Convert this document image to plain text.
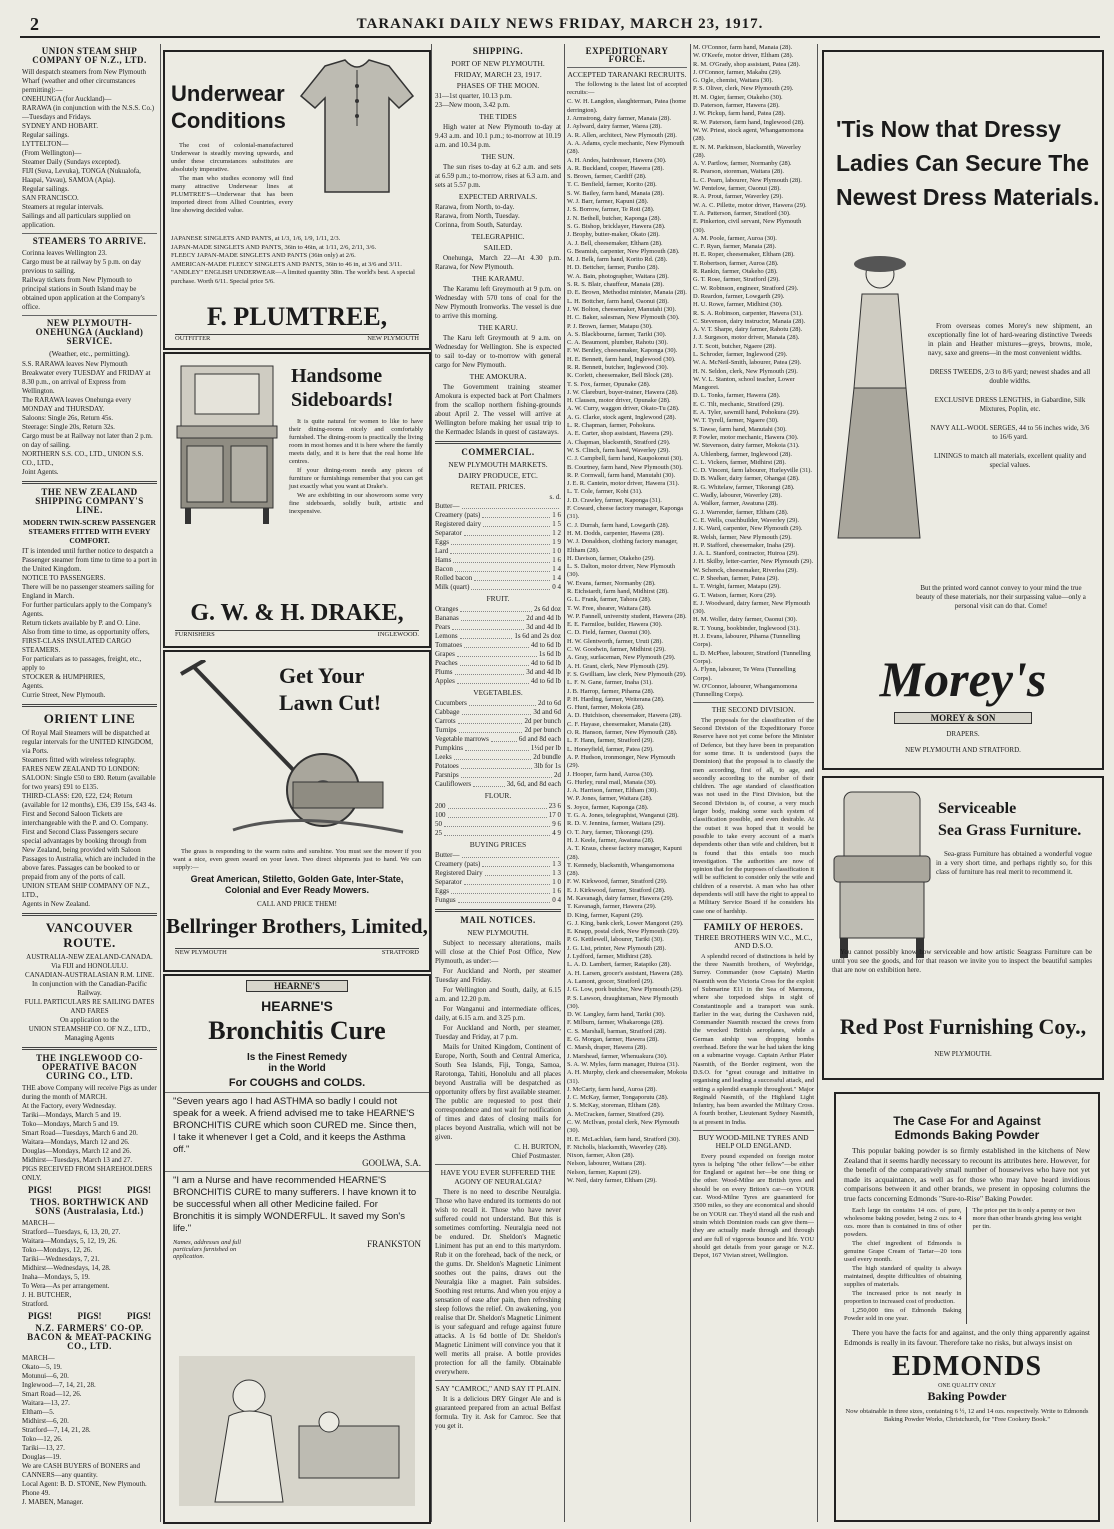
2	TARANAKI DAILY NEWS FRIDAY, MARCH 23, 1917.
UNION STEAM SHIP COMPANY OF N.Z., LTD.
Will despatch steamers from New Plymouth Wharf (weather and other circumstances permitting):—
ONEHUNGA (for Auckland)—
RARAWA (in conjunction with the N.S.S. Co.)—Tuesdays and Fridays.
SYDNEY AND HOBART.
Regular sailings.
LYTTELTON—
(From Wellington)—
Steamer Daily (Sundays excepted).
FIJI (Suva, Levuka), TONGA (Nukualofa, Haapai, Vavau), SAMOA (Apia).
Regular sailings.
SAN FRANCISCO.
Steamers at regular intervals.
Sailings and all particulars supplied on application.
STEAMERS TO ARRIVE.
Corinna leaves Wellington 23.
Cargo must be at railway by 5 p.m. on day previous to sailing.
Railway tickets from New Plymouth to principal stations in South Island may be obtained upon application at the Company's office.
NEW PLYMOUTH-ONEHUNGA (Auckland) SERVICE.
(Weather, etc., permitting).
S.S. RARAWA leaves New Plymouth Breakwater every TUESDAY and FRIDAY at 8.30 p.m., on arrival of Express from Wellington.
The RARAWA leaves Onehunga every MONDAY and THURSDAY.
Saloons: Single 26s, Return 45s.
Steerage: Single 20s, Return 32s.
Cargo must be at Railway not later than 2 p.m. on day of sailing.
NORTHERN S.S. CO., LTD., UNION S.S. CO., LTD.,
Joint Agents.
THE NEW ZEALAND SHIPPING COMPANY'S LINE.
MODERN TWIN-SCREW PASSENGER STEAMERS FITTED WITH EVERY COMFORT.
IT is intended until further notice to despatch a Passenger steamer from time to time to a port in the United Kingdom.
NOTICE TO PASSENGERS.
There will be no passenger steamers sailing for England in March.
For further particulars apply to the Company's Agents.
Return tickets available by P. and O. Line.
Also from time to time, as opportunity offers, FIRST-CLASS INSULATED CARGO STEAMERS.
For particulars as to passages, freight, etc., apply to
STOCKER & HUMPHRIES,
Agents.
Currie Street, New Plymouth.
ORIENT LINE
Of Royal Mail Steamers will be dispatched at regular intervals for the UNITED KINGDOM, via Ports.
Steamers fitted with wireless telegraphy.
FARES NEW ZEALAND TO LONDON:
SALOON: Single £50 to £80. Return (available for two years) £91 to £135.
THIRD-CLASS: £20, £22, £24; Return (available for 12 months), £36, £39 15s, £43 4s.
First and Second Saloon Tickets are interchangeable with the P. and O. Company.
First and Second Class Passengers secure special advantages by booking through from New Zealand, being provided with Saloon Passages to Australia, which are included in the above fares. Passages can be booked to or prepaid from any of the ports of call.
UNION STEAM SHIP COMPANY OF N.Z., LTD.,
Agents in New Zealand.
VANCOUVER ROUTE.
AUSTRALIA-NEW ZEALAND-CANADA.
Via FIJI and HONOLULU.
CANADIAN-AUSTRALASIAN R.M. LINE.
In conjunction with the Canadian-Pacific Railway.
FULL PARTICULARS RE SAILING DATES AND FARES
On application to the
UNION STEAMSHIP CO. OF N.Z., LTD.,
Managing Agents
THE INGLEWOOD CO-OPERATIVE BACON CURING CO., LTD.
THE above Company will receive Pigs as under during the month of MARCH.
At the Factory, every Wednesday.
Tariki—Mondays, March 5 and 19.
Toko—Mondays, March 5 and 19.
Smart Road—Tuesdays, March 6 and 20.
Waitara—Mondays, March 12 and 26.
Douglas—Mondays, March 12 and 26.
Midhirst—Tuesdays, March 13 and 27.
PIGS RECEIVED FROM SHAREHOLDERS ONLY.
PIGS!	PIGS!	PIGS!
THOS. BORTHWICK AND SONS (Australasia, Ltd.)
MARCH—
Stratford—Tuesdays, 6, 13, 20, 27.
Waitara—Mondays, 5, 12, 19, 26.
Toko—Mondays, 12, 26.
Tariki—Wednesdays, 7, 21.
Midhirst—Wednesdays, 14, 28.
Inaha—Mondays, 5, 19.
To Wera—As per arrangement.
J. H. BUTCHER,
Stratford.
PIGS!	PIGS!	PIGS!
N.Z. FARMERS' CO-OP. BACON & MEAT-PACKING CO., LTD.
MARCH—
Okato—5, 19.
Motunui—6, 20.
Inglewood—7, 14, 21, 28.
Smart Road—12, 26.
Waitara—13, 27.
Eltham—5.
Midhirst—6, 20.
Stratford—7, 14, 21, 28.
Toko—12, 26.
Tariki—13, 27.
Douglas—19.
We are CASH BUYERS of BONERS and CANNERS—any quantity.
Local Agent: B. D. STONE, New Plymouth. Phone 49.
J. MABEN, Manager.
Underwear
Conditions

The cost of colonial-manufactured Underwear is steadily moving upwards, and under these circumstances substitutes are absolutely imperative.

The man who studies economy will find many attractive Underwear lines at PLUMTREE'S—Underwear that has been imported direct from Allied Countries, every line showing decided value.

JAPANESE SINGLETS AND PANTS, at 1/3, 1/6, 1/9, 1/11, 2/3.
JAPAN-MADE SINGLETS AND PANTS, 36in to 46in, at 1/11, 2/6, 2/11, 3/6.
FLEECY JAPAN-MADE SINGLETS AND PANTS (36in only) at 2/6.
AMERICAN-MADE FLEECY SINGLETS AND PANTS, 36in to 46 in, at 3/6 and 3/11.
"ANDLEY" ENGLISH UNDERWEAR—A limited quantity 38in. The world's best. A special purchase. Worth 6/11. Special price 5/6.
F. PLUMTREE,
OUTFITTER	NEW PLYMOUTH
Handsome
Sideboards!

It is quite natural for women to like to have their dining-rooms nicely and comfortably furnished. The dining-room is practically the living room in most homes and it is here where the family meets daily, and it is here that the real home life centres.

If your dining-room needs any pieces of furniture or furnishings remember that you can get just exactly what you want at Drake's.

We are exhibiting in our showroom some very fine sideboards, solidly built, artistic and inexpensive.

G. W. & H. DRAKE,
FURNISHERS	INGLEWOOD.
Get Your
Lawn Cut!
The grass is responding to the warm rains and sunshine. You must see the mower if you want a nice, even green sward on your lawn. Two direct shipments just to hand. We can supply:—
Great American, Stiletto, Golden Gate, Inter-State, Colonial and Ever Ready Mowers.
CALL AND PRICE THEM!
Bellringer Brothers, Limited,
NEW PLYMOUTH	STRATFORD
HEARNE'S
HEARNE'S
Bronchitis Cure
Is the Finest Remedy
in the World
For COUGHS and COLDS.
"Seven years ago I had ASTHMA so badly I could not speak for a week. A friend advised me to take HEARNE'S BRONCHITIS CURE which soon CURED me. Since then, I take it whenever I get a Cold, and it keeps the Asthma off."
GOOLWA, S.A.
"I am a Nurse and have recommended HEARNE'S BRONCHITIS CURE to many sufferers. I have known it to be successful when all other Medicine failed. For Bronchitis it is simply WONDERFUL. It saved my Son's life."
Names, addresses and full particulars furnished on application.
FRANKSTON
SHIPPING.
PORT OF NEW PLYMOUTH.
FRIDAY, MARCH 23, 1917.
PHASES OF THE MOON.
31—1st quarter, 10.13 p.m.
23—New moon, 3.42 p.m.
THE TIDES

High water at New Plymouth to-day at 9.43 a.m. and 10.1 p.m.; to-morrow at 10.19 a.m. and 10.34 p.m.

THE SUN.

The sun rises to-day at 6.2 a.m. and sets at 6.59 p.m.; to-morrow, rises at 6.3 a.m. and sets at 5.57 p.m.

EXPECTED ARRIVALS.
Rarawa, from North, to-day.
Rarawa, from North, Tuesday.
Corinna, from South, Saturday.
TELEGRAPHIC.
SAILED.

Onehunga, March 22—At 4.30 p.m. Rarawa, for New Plymouth.

THE KARAMU.

The Karamu left Greymouth at 9 p.m. on Wednesday with 570 tons of coal for the New Plymouth Ironworks. The vessel is due to arrive this morning.

THE KARU.

The Karu left Greymouth at 9 a.m. on Wednesday for Wellington. She is expected to sail to-day or to-morrow with general cargo for New Plymouth.

THE AMOKURA.

The Government training steamer Amokura is expected back at Port Chalmers from the scallop northern fishing-grounds about April 2. The vessel will arrive at Wellington before making her usual trip to the Kermadec Islands in quest of castaways.

COMMERCIAL.
NEW PLYMOUTH MARKETS.
DAIRY PRODUCE, ETC.
RETAIL PRICES.
s. d.
Butter—
Creamery (pats)	1 6
Registered dairy	1 5
Separator	1 2
Eggs	1 9
Lard	1 0
Hams	1 6
Bacon	1 4
Rolled bacon	1 4
Milk (quart)	0 4
FRUIT.
Oranges	2s 6d doz
Bananas	2d and 4d lb
Pears	3d and 4d lb
Lemons	1s 6d and 2s doz
Tomatoes	4d to 6d lb
Grapes	1s 6d lb
Peaches	4d to 6d lb
Plums	3d and 4d lb
Apples	4d to 6d lb
VEGETABLES.
Cucumbers	2d to 6d
Cabbage	3d and 6d
Carrots	2d per bunch
Turnips	2d per bunch
Vegetable marrows	6d and 8d each
Pumpkins	1½d per lb
Leeks	2d bundle
Potatoes	3lb for 1s
Parsnips	2d
Cauliflowers	3d, 6d, and 8d each
FLOUR.
200	23 6
100	17 0
50	9 6
25	4 9
BUYING PRICES
Butter—
Creamery (pats)	1 3
Registered Dairy	1 3
Separator	1 0
Eggs	1 6
Fungus	0 4
MAIL NOTICES.
NEW PLYMOUTH.

Subject to necessary alterations, mails will close at the Chief Post Office, New Plymouth, as under:—

For Auckland and North, per steamer Tuesday and Friday.

For Wellington and South, daily, at 6.15 a.m. and 12.20 p.m.

For Wanganui and intermediate offices, daily, at 6.15 a.m. and 3.25 p.m.

For Auckland and North, per steamer, Tuesday and Friday, at 7 p.m.

Mails for United Kingdom, Continent of Europe, North, South and Central America, South Sea Islands, Fiji, Tonga, Samoa, Rarotonga, Tahiti, Honolulu and all places beyond Australia will be despatched as opportunity offers by first available steamer. The public are requested to post their correspondence and not wait for notification of times and dates of closing mails for places beyond Australia, which will not be given.

C. H. BURTON,
Chief Postmaster.
HAVE YOU EVER SUFFERED THE AGONY OF NEURALGIA?

There is no need to describe Neuralgia. Those who have endured its torments do not wish to recall it. Those who have never suffered could not understand. But this is sometimes comforting. Neuralgia need not be endured. Dr. Sheldon's Magnetic Liniment has put an end to this martyrdom. Rub it on the forehead, back of the neck, or the gums. Dr. Sheldon's Magnetic Liniment soothes out the pains, draws out the Neuralgia like a magnet. Pain subsides. Soothing rest returns. And when you enjoy a sensation of ease after pain, then refreshing sleep follows the relief. On awakening, you realise that Dr. Sheldon's Magnetic Liniment is your safeguard and refuge against future attacks. A 1s 6d bottle of Dr. Sheldon's Magnetic Liniment will convince you that it well merits all praise. A bottle provides protection for all the family. Obtainable everywhere.

SAY "CAMROC," AND SAY IT PLAIN.

It is a delicious DRY Ginger Ale and is guaranteed prepared from an actual Belfast formula. Try it. Ask for Camroc. See that you get it.

EXPEDITIONARY FORCE.
ACCEPTED TARANAKI RECRUITS.

The following is the latest list of accepted recruits:—

C. W. H. Langdon, slaughterman, Patea (home derrington).
J. Armstrong, dairy farmer, Manaia (28).
J. Aylward, dairy farmer, Warea (28).
A. R. Allen, architect, New Plymouth (28).
A. A. Adams, cycle mechanic, New Plymouth (28).
A. H. Andes, hairdresser, Hawera (30).
A. R. Buckland, cooper, Hawera (28).
S. Brown, farmer, Cardiff (28).
T. C. Benfield, farmer, Korito (28).
S. W. Bailey, farm hand, Manaia (28).
W. J. Barr, farmer, Kapuni (28).
J. S. Borrow, farmer, Te Roti (28).
J. N. Bethell, butcher, Kaponga (28).
S. G. Bishop, bricklayer, Hawera (28).
J. Brophy, butter-maker, Okato (28).
A. J. Bell, cheesemaker, Eltham (28).
G. Beamish, carpenter, New Plymouth (28).
M. J. Belk, farm hand, Korito Rd. (28).
H. D. Bettcher, farmer, Puniho (28).
W. A. Bain, photographer, Waitara (28).
S. R. S. Blair, chauffeur, Manaia (28).
D. E. Brown, Methodist minister, Manaia (28).
L. H. Bottcher, farm hand, Oaonui (28).
J. W. Bolton, cheesemaker, Manutahi (30).
H. C. Baker, salesman, New Plymouth (30).
P. J. Brown, farmer, Matapu (30).
A. S. Blackbourne, farmer, Tariki (30).
C. A. Beaumont, plumber, Rahotu (30).
F. W. Bentley, cheesemaker, Kaponga (30).
H. E. Bennett, farm hand, Inglewood (30).
R. R. Bennett, butcher, Inglewood (30).
K. Corlett, cheesemaker, Bell Block (28).
T. S. Fox, farmer, Opunake (28).
J. W. Clareburt, buyer-trainer, Hawera (28).
H. Clausen, motor driver, Opunake (28).
A. W. Curry, waggon driver, Okato-Tu (28).
A. G. Clarke, stock agent, Inglewood (28).
L. R. Chapman, farmer, Pohokura.
A. E. Carter, shop assistant, Hawera (29).
A. Chapman, blacksmith, Stratford (29).
W. S. Clinch, farm hand, Waverley (29).
C. J. Campbell, farm hand, Kaupokonui (30).
B. Courtney, farm hand, New Plymouth (30).
R. P. Cornwall, farm hand, Manutahi (30).
J. E. R. Cantein, motor driver, Hawera (31).
L. T. Cole, farmer, Kohi (31).
J. D. Crawley, farmer, Kaponga (31).
F. Coward, cheese factory manager, Kaponga (31).
C. J. Durrah, farm hand, Lowgarth (28).
H. M. Dodds, carpenter, Hawera (28).
W. J. Donaldson, clothing factory manager, Eltham (28).
H. Davison, farmer, Otakeho (29).
L. S. Dalton, motor driver, New Plymouth (30).
W. Evans, farmer, Normanby (28).
R. Eichstardt, farm hand, Midhirst (28).
G. L. Frank, farmer, Tahora (28).
T. W. Free, shearer, Waitara (28).
W. P. Fannell, university student, Hawera (28).
E. E. Farmiloe, builder, Hawera (30).
C. D. Field, farmer, Oaonui (30).
H. W. Glentworth, farmer, Uruti (28).
C. W. Goodwin, farmer, Midhirst (29).
A. Gray, surfaceman, New Plymouth (29).
A. H. Grant, clerk, New Plymouth (29).
F. S. Gwilliam, law clerk, New Plymouth (29).
L. F. N. Gane, farmer, Inaha (31).
J. B. Harrop, farmer, Pihama (28).
P. H. Harding, farmer, Weiterana (28).
G. Hunt, farmer, Mokoia (28).
A. D. Hutchison, cheesemaker, Hawera (28).
C. F. Hayase, cheesemaker, Manaia (28).
O. R. Hanson, farmer, New Plymouth (28).
L. F. Hann, farmer, Stratford (29).
L. Honeyfield, farmer, Patea (29).
A. P. Hudson, ironmonger, New Plymouth (29).
J. Hooper, farm hand, Auroa (30).
G. Hurley, rural mail, Manaia (30).
J. A. Harrison, farmer, Eltham (30).
W. P. Jones, farmer, Waitara (28).
S. Joyce, farmer, Kaponga (28).
T. G. A. Jones, telegraphist, Wanganui (28).
R. D. V. Jennins, farmer, Waitara (29).
O. T. Jury, farmer, Tikorangi (29).
H. J. Keele, farmer, Awatuna (28).
A. T. Kraus, cheese factory manager, Kapuni (28).
T. Kennedy, blacksmith, Whangamomona (28).
F. W. Kirkwood, farmer, Stratford (29).
E. J. Kirkwood, farmer, Stratford (28).
M. Kavanagh, dairy farmer, Hawera (29).
T. Kavanagh, farmer, Hawera (29).
D. King, farmer, Kapuni (29).
G. J. King, bank clerk, Lower Mangorei (29).
E. Knapp, postal clerk, New Plymouth (29).
P. G. Kettlewell, labourer, Tariki (30).
J. G. List, printer, New Plymouth (28).
J. Lydford, farmer, Midhirst (28).
L. A. D. Lambert, farmer, Ratapiko (28).
A. H. Larsen, grocer's assistant, Hawera (28).
A. Lamont, grocer, Stratford (29).
J. G. Low, pork butcher, New Plymouth (29).
P. S. Lawson, draughtsman, New Plymouth (30).
D. W. Langley, farm hand, Tariki (30).
F. Milburn, farmer, Whakaronga (28).
C. S. Marshall, barman, Stratford (28).
E. G. Morgan, farmer, Hawera (28).
C. Marsh, draper, Hawera (28).
J. Marshead, farmer, Whenuakura (30).
S. A. W. Myles, farm manager, Huiroa (31).
A. H. Murphy, clerk and cheesemaker, Mokoia (31).
J. McCarty, farm hand, Auroa (28).
J. C. McKay, farmer, Tongaporutu (28).
J. S. McKay, storeman, Eltham (28).
A. McCracken, farmer, Stratford (29).
C. W. McIlvan, postal clerk, New Plymouth (30).
H. E. McLachlan, farm hand, Stratford (30).
F. Nicholls, blacksmith, Waverley (28).
Nixon, farmer, Alton (28).
Nelson, labourer, Waitara (28).
Nelson, farmer, Kapuni (29).
W. Neil, dairy farmer, Eltham (29).
M. O'Connor, farm hand, Manaia (28).
W. O'Keefe, motor driver, Eltham (28).
R. M. O'Grady, shop assistant, Patea (28).
J. O'Connor, farmer, Makahu (29).
G. Ogle, chemist, Waitara (30).
P. S. Oliver, clerk, New Plymouth (29).
H. M. Ogier, farmer, Otakeho (30).
D. Paterson, farmer, Hawera (28).
J. W. Pickup, farm hand, Patea (28).
R. W. Paterson, farm hand, Inglewood (28).
W. W. Priest, stock agent, Whangamomona (28).
E. N. M. Parkinson, blacksmith, Waverley (28).
A. V. Partlow, farmer, Normanby (28).
R. Pearson, storeman, Waitara (28).
L. C. Pearn, labourer, New Plymouth (28).
W. Pentelow, farmer, Oaonui (28).
R. A. Prout, farmer, Waverley (29).
W. A. C. Pillette, motor driver, Hawera (29).
T. A. Patterson, farmer, Stratford (30).
E. Pinkerton, civil servant, New Plymouth (30).
A. M. Poole, farmer, Auroa (30).
C. F. Ryan, farmer, Manaia (28).
H. E. Roper, cheesemaker, Eltham (28).
T. Robertson, farmer, Auroa (28).
R. Rankin, farmer, Otakeho (28).
G. T. Rose, farmer, Stratford (29).
C. W. Robinson, engineer, Stratford (29).
D. Reardon, farmer, Lowgarth (29).
H. U. Rowe, farmer, Midhirst (30).
R. S. A. Robinson, carpenter, Hawera (31).
C. Stevenson, dairy instructor, Manaia (28).
A. V. T. Sharpe, dairy farmer, Rahotu (28).
J. J. Surgeson, motor driver, Manaia (28).
J. T. Scott, butcher, Ngaere (28).
L. Schroder, farmer, Inglewood (29).
W. A. McNeil-Smith, labourer, Patea (29).
H. N. Seldon, clerk, New Plymouth (29).
W. V. L. Stanton, school teacher, Lower Mangorei.
D. L. Tonks, farmer, Hawera (28).
E. C. Tilt, mechanic, Stratford (29).
E. A. Tyler, sawmill hand, Pohokura (29).
W. T. Tyrell, farmer, Ngaere (30).
S. Tawse, farm hand, Manutahi (30).
P. Fowler, motor mechanic, Hawera (30).
W. Stevenson, dairy farmer, Mokoia (31).
A. Uhlenberg, farmer, Inglewood (28).
C. L. Vickers, farmer, Midhirst (28).
C. D. Vincent, farm labourer, Hurleyville (31).
D. B. Walker, dairy farmer, Ohangai (28).
R. G. Whitelaw, farmer, Tikorangi (28).
C. Wadly, labourer, Waverley (28).
A. Walker, farmer, Awatuna (28).
G. J. Warrender, farmer, Eltham (28).
C. E. Wells, coachbuilder, Waverley (29).
J. K. Ward, carpenter, New Plymouth (29).
R. Welsh, farmer, New Plymouth (29).
H. P. Stafford, cheesemaker, Inaha (29).
J. A. L. Stanford, contractor, Huiroa (29).
J. H. Skilby, letter-carrier, New Plymouth (29).
W. Schenck, cheesemaker, Riverlea (29).
C. P. Sheehan, farmer, Patea (29).
L. T. Wright, farmer, Matapu (29).
G. T. Watson, farmer, Koru (29).
E. J. Woodward, dairy farmer, New Plymouth (30).
H. M. Woller, dairy farmer, Oaonui (30).
R. T. Young, bookbinder, Inglewood (31).
H. J. Evans, labourer, Pihama (Tunnelling Corps).
L. D. McPhee, labourer, Stratford (Tunnelling Corps).
A. Flynn, labourer, Te Wera (Tunnelling Corps).
W. O'Connor, labourer, Whangamomona (Tunnelling Corps).
THE SECOND DIVISION.

The proposals for the classification of the Second Division of the Expeditionary Force Reserve have not yet come before the Minister of Defence, but they have been in preparation for some time. It is understood (says the Dominion) that the proposal is to classify the men according, first of all, to age, and secondly according to the number of their children. The age standard of classification was not used in the First Division, but the Second Division is, of course, a very much larger body, making some such system of classification possible, and even desirable. At the outset it was hoped that it would be possible to take every account of a man's dependents other than wife and children, but it is found that this entails too much investigation. The authorities are now of opinion that for the purposes of classification it will be sufficient to consider only the wife and children of a reservist. A man who has other dependents will still have the right to appeal to a Military Service Board if he considers his case one of hardship.

FAMILY OF HEROES.
THREE BROTHERS WIN V.C., M.C., AND D.S.O.

A splendid record of distinctions is held by the three Nasmith brothers, of Weybridge, Surrey. Commander (now Captain) Martin Nasmith won the Victoria Cross for the exploit of Submarine E11 in the Sea of Marmora, where she torpedoed ships in sight of Constantinople and a transport was sunk. Earlier in the war, during the Cuxhaven raid, Commander Nasmith rescued the crews from the wrecked British aeroplanes, while a German airship was dropping bombs overhead. Before the war he had taken the king on a submarine voyage. Captain Arthur Plater Nasmith, of the Border regiment, won the D.S.O. for "great courage and initiative in organising and leading a successful attack, and setting a splendid example throughout." Major Reginald Nasmith, of the Highland Light Infantry, has been awarded the Military Cross. A fourth brother, Lieutenant Sydney Nasmith, is at present in India.

BUY WOOD-MILNE TYRES AND HELP OLD ENGLAND.

Every pound expended on foreign motor tyres is helping "the other fellow"—be either for England or against her—be one thing or the other. Wood-Milne are British tyres and should be on every Briton's car—on YOUR car. Wood-Milne Tyres are guaranteed for 3500 miles, so they are economical and should be on YOUR car. They'd stand all the rush and strain which Dominion roads can give them—they are actually made through and through and are full of vigorous bounce and life. YOU should get details from your garage or N.Z. Depot, 167 Vivian street, Wellington.

'Tis Now that Dressy
Ladies Can Secure The
Newest Dress Materials.

From overseas comes Morey's new shipment, an exceptionally fine lot of hard-wearing distinctive Tweeds in plain and Heather mixtures—greys, browns, mole, navy, saxe and greens—in the most convenient widths.

DRESS TWEEDS, 2/3 to 8/6 yard; newest shades and all double widths.

EXCLUSIVE DRESS LENGTHS, in Gabardine, Silk Mixtures, Poplin, etc.

NAVY ALL-WOOL SERGES, 44 to 56 inches wide, 3/6 to 16/6 yard.

LININGS to match all materials, excellent quality and special values.

But the printed word cannot convey to your mind the true beauty of these materials, nor their surpassing value—only a personal visit can do that. Come!
Morey's
MOREY & SON
DRAPERS.
NEW PLYMOUTH AND STRATFORD.
Serviceable
Sea Grass Furniture.

Sea-grass Furniture has obtained a wonderful vogue in a very short time, and perhaps rightly so, for this class of furniture has real merit to recommend it.

You cannot possibly know how serviceable and how artistic Seagrass Furniture can be until you see the goods, and for that reason we invite you to inspect the beautiful samples that are now on exhibition here.
Red Post Furnishing Coy.,
NEW PLYMOUTH.
The Case For and Against
Edmonds Baking Powder
This popular baking powder is so firmly established in the kitchens of New Zealand that it seems hardly necessary to recount its attributes here. However, for the benefit of the comparatively small number of housewives who have not yet made its acquaintance, as well as for those who may have heard invidious comparisons between it and other brands, we present in opposing columns the true facts concerning Edmonds "Sure-to-Rise" Baking Powder.

Each large tin contains 14 ozs. of pure, wholesome baking powder, being 2 ozs. to 4 ozs. more than is contained in tins of other powders.

The chief ingredient of Edmonds is genuine Grape Cream of Tartar—20 tons used every month.

The high standard of quality is always maintained, despite difficulties of obtaining supplies of materials.

The increased price is not nearly in proportion to increased cost of production.

1,250,000 tins of Edmonds Baking Powder sold in one year.

The price per tin is only a penny or two more than other brands giving less weight per tin.
There you have the facts for and against, and the only thing apparently against Edmonds is really in its favour. Therefore take no risks, but always insist on
EDMONDS
ONE QUALITY ONLY
Baking Powder
Now obtainable in three sizes, containing 6 ½, 12 and 14 ozs. respectively. Write to Edmonds Baking Powder Works, Christchurch, for "Free Cookery Book."
